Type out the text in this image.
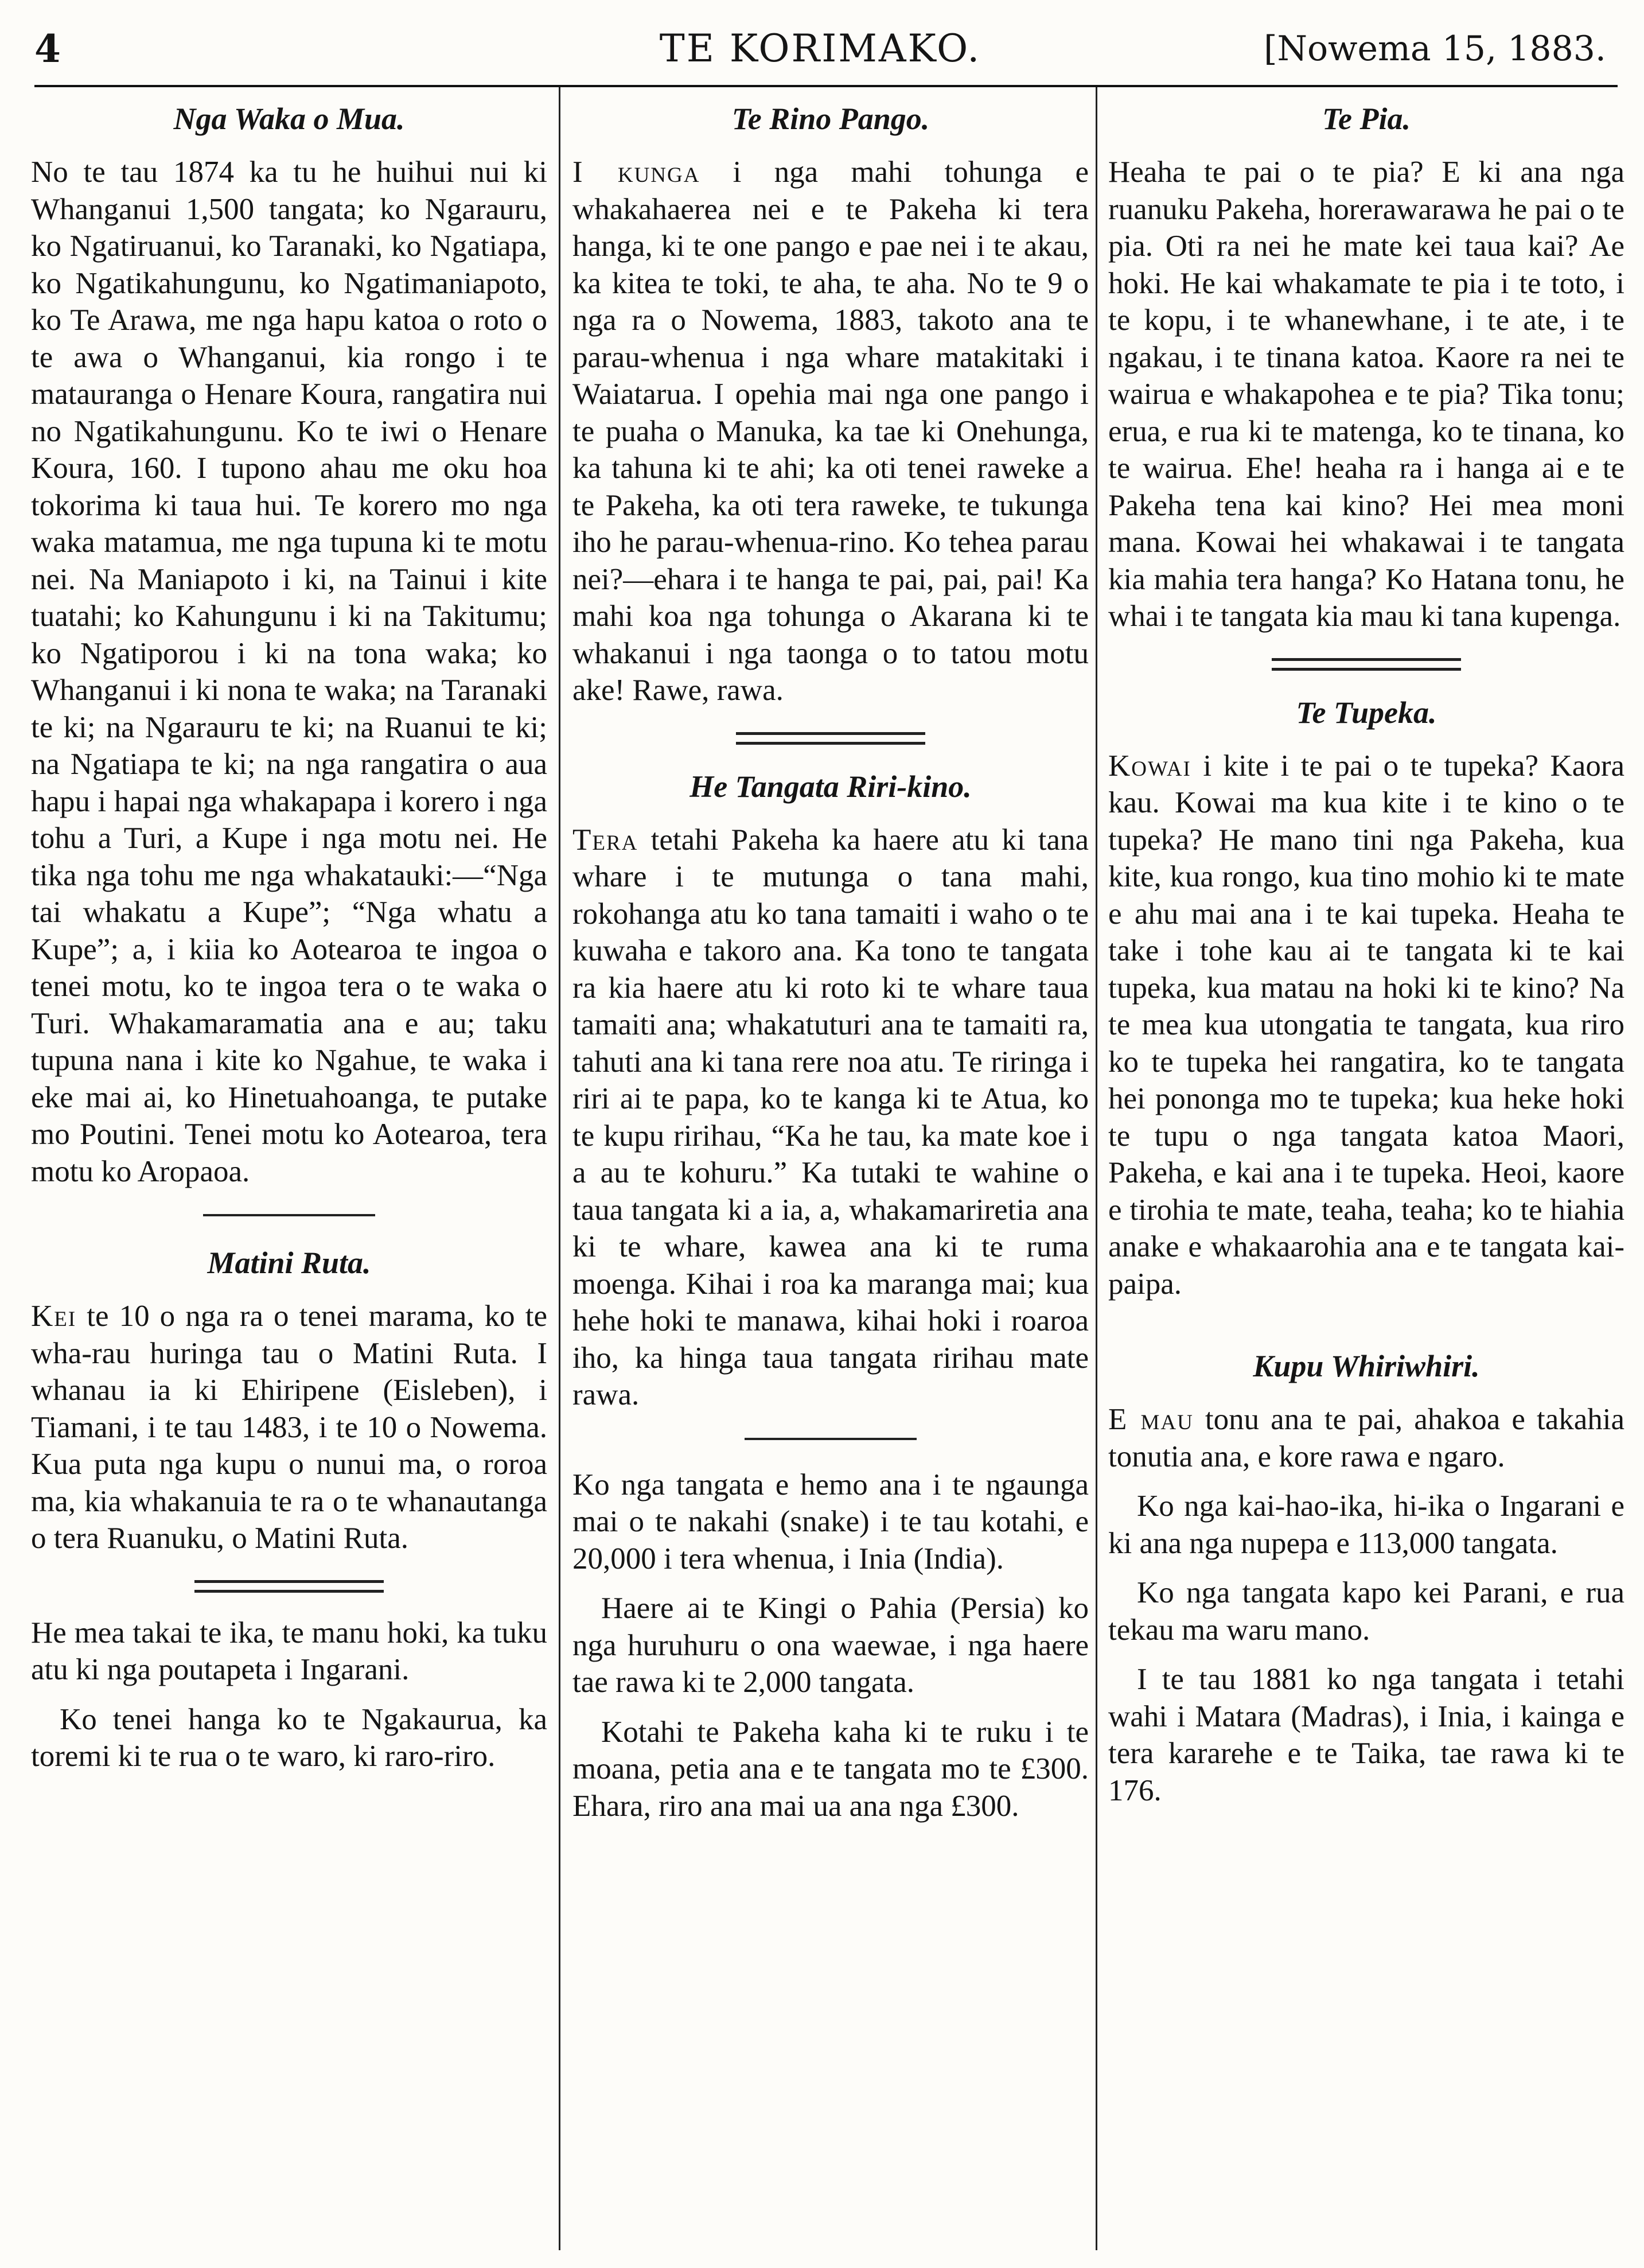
4	TE KORIMAKO.	[Nowema 15, 1883.
Nga Waka o Mua.

No te tau 1874 ka tu he huihui nui ki Whanganui 1,500 tangata; ko Ngarauru, ko Ngatiruanui, ko Taranaki, ko Ngatiapa, ko Ngatikahungunu, ko Ngatimaniapoto, ko Te Arawa, me nga hapu katoa o roto o te awa o Whanganui, kia rongo i te matauranga o Henare Koura, rangatira nui no Ngatikahungunu. Ko te iwi o Henare Koura, 160. I tupono ahau me oku hoa tokorima ki taua hui. Te korero mo nga waka matamua, me nga tupuna ki te motu nei. Na Maniapoto i ki, na Tainui i kite tuatahi; ko Kahungunu i ki na Takitumu; ko Ngatiporou i ki na tona waka; ko Whanganui i ki nona te waka; na Taranaki te ki; na Ngarauru te ki; na Ruanui te ki; na Ngatiapa te ki; na nga rangatira o aua hapu i hapai nga whakapapa i korero i nga tohu a Turi, a Kupe i nga motu nei. He tika nga tohu me nga whakatauki:—“Nga tai whakatu a Kupe”; “Nga whatu a Kupe”; a, i kiia ko Aotearoa te ingoa o tenei motu, ko te ingoa tera o te waka o Turi. Whakamaramatia ana e au; taku tupuna nana i kite ko Ngahue, te waka i eke mai ai, ko Hinetuahoanga, te putake mo Poutini. Tenei motu ko Aotearoa, tera motu ko Aropaoa.

Matini Ruta.

Kei te 10 o nga ra o tenei marama, ko te wha-rau huringa tau o Matini Ruta. I whanau ia ki Ehiripene (Eisleben), i Tiamani, i te tau 1483, i te 10 o Nowema. Kua puta nga kupu o nunui ma, o roroa ma, kia whakanuia te ra o te whanautanga o tera Ruanuku, o Matini Ruta.

He mea takai te ika, te manu hoki, ka tuku atu ki nga poutapeta i Ingarani.

Ko tenei hanga ko te Ngakaurua, ka toremi ki te rua o te waro, ki raro-riro.

Te Rino Pango.

I kunga i nga mahi tohunga e whakahaerea nei e te Pakeha ki tera hanga, ki te one pango e pae nei i te akau, ka kitea te toki, te aha, te aha. No te 9 o nga ra o Nowema, 1883, takoto ana te parau-whenua i nga whare matakitaki i Waiatarua. I opehia mai nga one pango i te puaha o Manuka, ka tae ki Onehunga, ka tahuna ki te ahi; ka oti tenei raweke a te Pakeha, ka oti tera raweke, te tukunga iho he parau-whenua-rino. Ko tehea parau nei?—ehara i te hanga te pai, pai, pai! Ka mahi koa nga tohunga o Akarana ki te whakanui i nga taonga o to tatou motu ake! Rawe, rawa.

He Tangata Riri-kino.

Tera tetahi Pakeha ka haere atu ki tana whare i te mutunga o tana mahi, rokohanga atu ko tana tamaiti i waho o te kuwaha e takoro ana. Ka tono te tangata ra kia haere atu ki roto ki te whare taua tamaiti ana; whakatuturi ana te tamaiti ra, tahuti ana ki tana rere noa atu. Te riringa i riri ai te papa, ko te kanga ki te Atua, ko te kupu ririhau, “Ka he tau, ka mate koe i a au te kohuru.” Ka tutaki te wahine o taua tangata ki a ia, a, whakamariretia ana ki te whare, kawea ana ki te ruma moenga. Kihai i roa ka maranga mai; kua hehe hoki te manawa, kihai hoki i roaroa iho, ka hinga taua tangata ririhau mate rawa.

Ko nga tangata e hemo ana i te ngaunga mai o te nakahi (snake) i te tau kotahi, e 20,000 i tera whenua, i Inia (India).

Haere ai te Kingi o Pahia (Persia) ko nga huruhuru o ona waewae, i nga haere tae rawa ki te 2,000 tangata.

Kotahi te Pakeha kaha ki te ruku i te moana, petia ana e te tangata mo te £300. Ehara, riro ana mai ua ana nga £300.

Te Pia.

Heaha te pai o te pia? E ki ana nga ruanuku Pakeha, horerawarawa he pai o te pia. Oti ra nei he mate kei taua kai? Ae hoki. He kai whakamate te pia i te toto, i te kopu, i te whanewhane, i te ate, i te ngakau, i te tinana katoa. Kaore ra nei te wairua e whakapohea e te pia? Tika tonu; erua, e rua ki te matenga, ko te tinana, ko te wairua. Ehe! heaha ra i hanga ai e te Pakeha tena kai kino? Hei mea moni mana. Kowai hei whakawai i te tangata kia mahia tera hanga? Ko Hatana tonu, he whai i te tangata kia mau ki tana kupenga.

Te Tupeka.

Kowai i kite i te pai o te tupeka? Kaora kau. Kowai ma kua kite i te kino o te tupeka? He mano tini nga Pakeha, kua kite, kua rongo, kua tino mohio ki te mate e ahu mai ana i te kai tupeka. Heaha te take i tohe kau ai te tangata ki te kai tupeka, kua matau na hoki ki te kino? Na te mea kua utongatia te tangata, kua riro ko te tupeka hei rangatira, ko te tangata hei pononga mo te tupeka; kua heke hoki te tupu o nga tangata katoa Maori, Pakeha, e kai ana i te tupeka. Heoi, kaore e tirohia te mate, teaha, teaha; ko te hiahia anake e whakaarohia ana e te tangata kai-paipa.

Kupu Whiriwhiri.

E mau tonu ana te pai, ahakoa e takahia tonutia ana, e kore rawa e ngaro.

Ko nga kai-hao-ika, hi-ika o Ingarani e ki ana nga nupepa e 113,000 tangata.

Ko nga tangata kapo kei Parani, e rua tekau ma waru mano.

I te tau 1881 ko nga tangata i tetahi wahi i Matara (Madras), i Inia, i kainga e tera kararehe e te Taika, tae rawa ki te 176.
